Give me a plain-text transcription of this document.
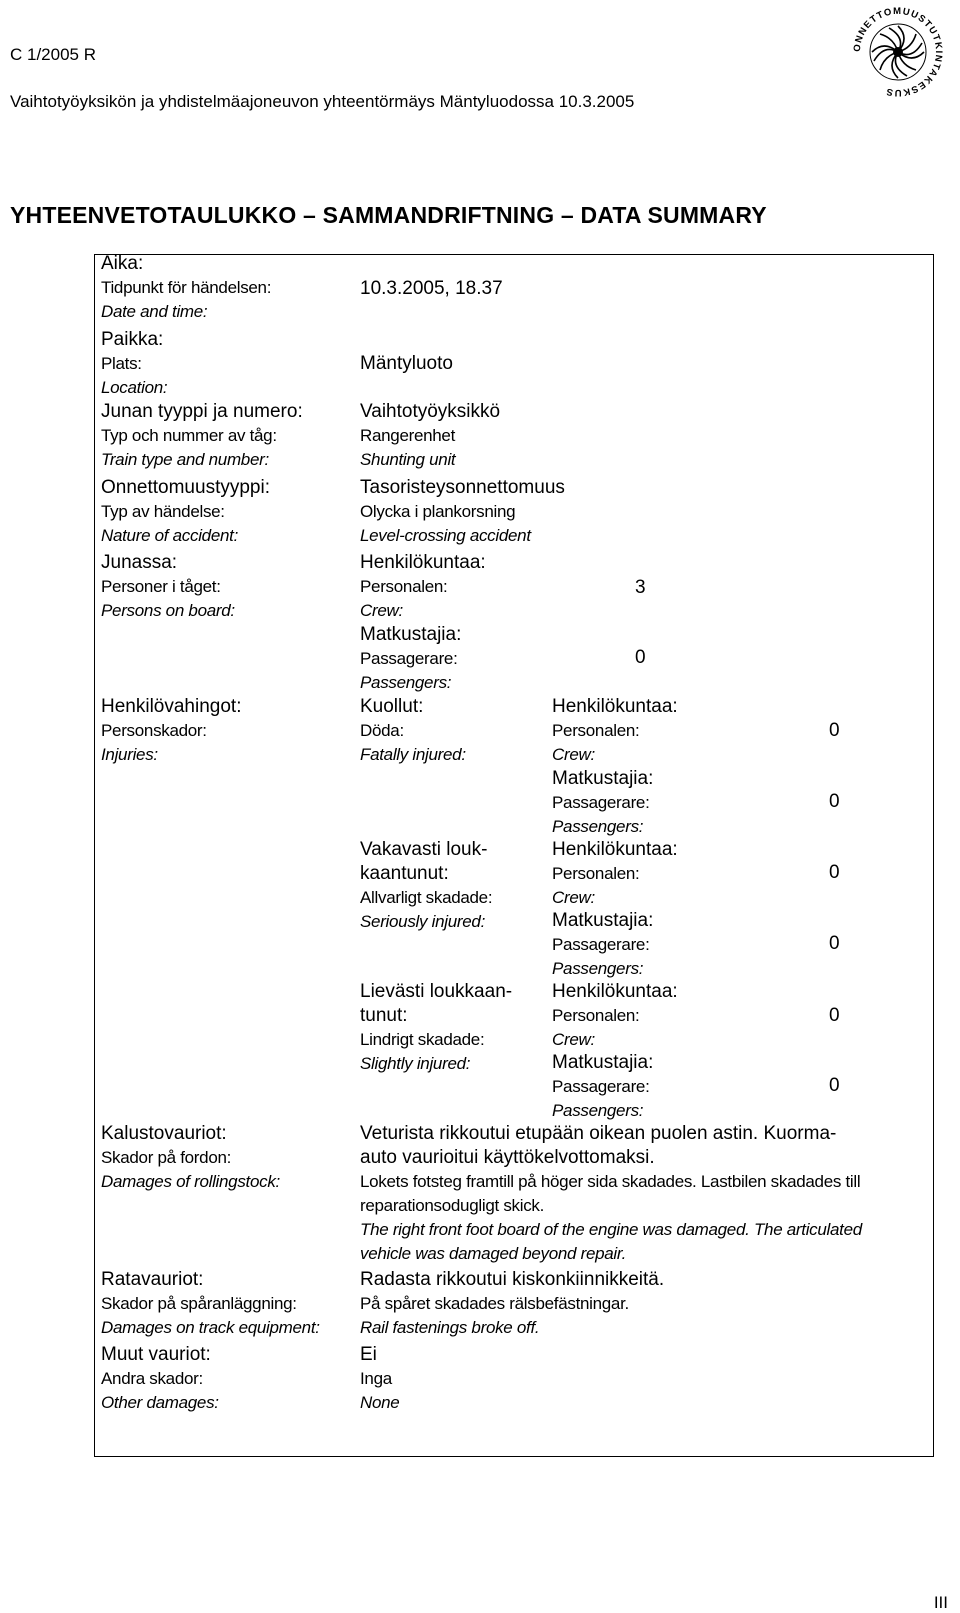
C 1/2005 R
Vaihtotyöyksikön ja yhdistelmäajoneuvon yhteentörmäys Mäntyluodossa 10.3.2005
ONNETTOMUUSTUTKINTAKESKUS
YHTEENVETOTAULUKKO – SAMMANDRIFTNING – DATA SUMMARY
Aika:
Tidpunkt för händelsen:
Date and time:
10.3.2005, 18.37
Paikka:
Plats:
Location:
Mäntyluoto
Junan tyyppi ja numero:
Typ och nummer av tåg:
Train type and number:
Vaihtotyöyksikkö
Rangerenhet
Shunting unit
Onnettomuustyyppi:
Typ av händelse:
Nature of accident:
Tasoristeysonnettomuus
Olycka i plankorsning
Level-crossing accident
Junassa:
Personer i tåget:
Persons on board:
Henkilökuntaa:
Personalen:
Crew:
3
Matkustajia:
Passagerare:
Passengers:
0
Henkilövahingot:
Personskador:
Injuries:
Kuollut:
Döda:
Fatally injured:
Henkilökuntaa:
Personalen:
Crew:
0
Matkustajia:
Passagerare:
Passengers:
0
Vakavasti louk-
kaantunut:
Allvarligt skadade:
Seriously injured:
Henkilökuntaa:
Personalen:
Crew:
0
Matkustajia:
Passagerare:
Passengers:
0
Lievästi loukkaan-
tunut:
Lindrigt skadade:
Slightly injured:
Henkilökuntaa:
Personalen:
Crew:
0
Matkustajia:
Passagerare:
Passengers:
0
Kalustovauriot:
Skador på fordon:
Damages of rollingstock:
Veturista rikkoutui etupään oikean puolen astin. Kuorma-
auto vaurioitui käyttökelvottomaksi.
Lokets fotsteg framtill på höger sida skadades. Lastbilen skadades till
reparationsodugligt skick.
The right front foot board of the engine was damaged. The articulated
vehicle was damaged beyond repair.
Ratavauriot:
Skador på spåranläggning:
Damages on track equipment:
Radasta rikkoutui kiskonkiinnikkeitä.
På spåret skadades rälsbefästningar.
Rail fastenings broke off.
Muut vauriot:
Andra skador:
Other damages:
Ei
Inga
None
III
